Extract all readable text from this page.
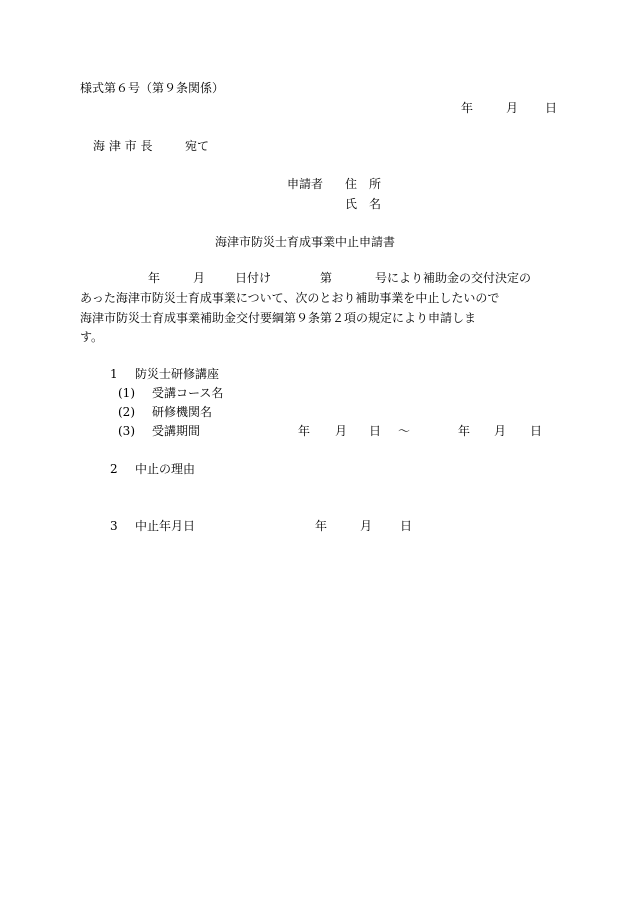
様式第６号（第９条関係）
年	月 日
海 津 市 長	宛て
申請者 住　所
氏　名
海津市防災士育成事業中止申請書
年	月 日付け	第	号により補助金の交付決定の
あった海津市防災士育成事業について、次のとおり補助事業を中止したいので
海津市防災士育成事業補助金交付要綱第９条第２項の規定により申請しま
す。
1 防災士研修講座
(1) 受講コース名
(2) 研修機関名
(3) 受講期間	年 月 日 ～	年 月 日
2 中止の理由
3 中止年月日	年	月 日
